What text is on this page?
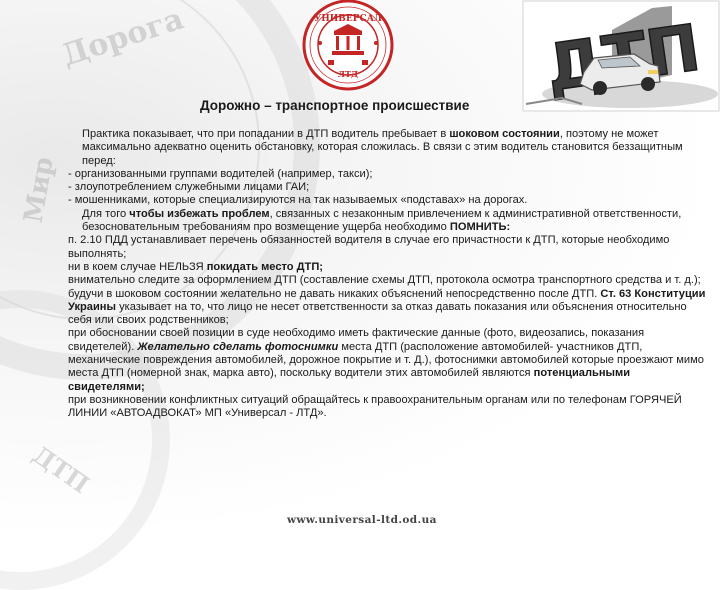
Дорога
Мир
ДТП
УНИВЕРСАЛ
ЛТД
Дорожно – транспортное происшествие

Практика показывает, что при попадании в ДТП водитель пребывает в шоковом состоянии, поэтому не может максимально адекватно оценить обстановку, которая сложилась. В связи с этим водитель становится беззащитным перед:

- организованными группами водителей (например, такси);

- злоупотреблением служебными лицами ГАИ;

- мошенниками, которые специализируются на так называемых «подставах» на дорогах.

Для того чтобы избежать проблем, связанных с незаконным привлечением к административной ответственности, безосновательным требованиям про возмещение ущерба необходимо ПОМНИТЬ:

п. 2.10 ПДД устанавливает перечень обязанностей водителя в случае его причастности к ДТП, которые необходимо выполнять;

ни в коем случае НЕЛЬЗЯ покидать место ДТП;

внимательно следите за оформлением ДТП (составление схемы ДТП, протокола осмотра транспортного средства и т. д.);

будучи в шоковом состоянии желательно не давать никаких объяснений непосредственно после ДТП. Ст. 63 Конституции Украины указывает на то, что лицо не несет ответственности за отказ давать показания или объяснения относительно себя или своих родственников;

при обосновании своей позиции в суде необходимо иметь фактические данные (фото, видеозапись, показания свидетелей). Желательно сделать фотоснимки места ДТП (расположение автомобилей- участников ДТП, механические повреждения автомобилей, дорожное покрытие и т. Д.), фотоснимки автомобилей которые проезжают мимо места ДТП (номерной знак, марка авто), поскольку водители этих автомобилей являются потенциальными свидетелями;

при возникновении конфликтных ситуаций обращайтесь к правоохранительным органам или по телефонам ГОРЯЧЕЙ ЛИНИИ «АВТОАДВОКАТ» МП «Универсал - ЛТД».

www.universal-ltd.od.ua
